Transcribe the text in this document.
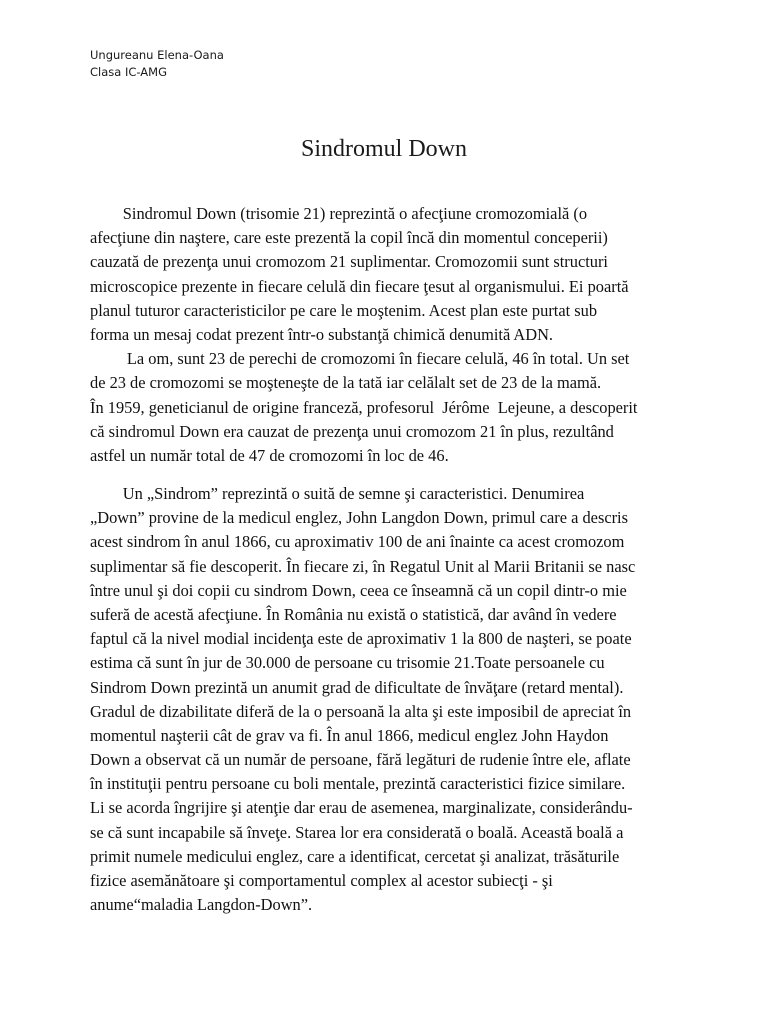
Ungureanu Elena-Oana
Clasa IC-AMG
Sindromul Down
Sindromul Down (trisomie 21) reprezintă o afecţiune cromozomială (o
afecţiune din naştere, care este prezentă la copil încă din momentul conceperii)
cauzată de prezenţa unui cromozom 21 suplimentar. Cromozomii sunt structuri
microscopice prezente in fiecare celulă din fiecare ţesut al organismului. Ei poartă
planul tuturor caracteristicilor pe care le moştenim. Acest plan este purtat sub
forma un mesaj codat prezent într-o substanţă chimică denumită ADN.
La om, sunt 23 de perechi de cromozomi în fiecare celulă, 46 în total. Un set
de 23 de cromozomi se moşteneşte de la tată iar celălalt set de 23 de la mamă.
În 1959, geneticianul de origine franceză, profesorul  Jérôme  Lejeune, a descoperit
că sindromul Down era cauzat de prezenţa unui cromozom 21 în plus, rezultând
astfel un număr total de 47 de cromozomi în loc de 46.
Un „Sindrom” reprezintă o suită de semne şi caracteristici. Denumirea
„Down” provine de la medicul englez, John Langdon Down, primul care a descris
acest sindrom în anul 1866, cu aproximativ 100 de ani înainte ca acest cromozom
suplimentar să fie descoperit. În fiecare zi, în Regatul Unit al Marii Britanii se nasc
între unul şi doi copii cu sindrom Down, ceea ce înseamnă că un copil dintr-o mie
suferă de acestă afecţiune. În România nu există o statistică, dar având în vedere
faptul că la nivel modial incidenţa este de aproximativ 1 la 800 de naşteri, se poate
estima că sunt în jur de 30.000 de persoane cu trisomie 21.Toate persoanele cu
Sindrom Down prezintă un anumit grad de dificultate de învăţare (retard mental).
Gradul de dizabilitate diferă de la o persoană la alta şi este imposibil de apreciat în
momentul naşterii cât de grav va fi. În anul 1866, medicul englez John Haydon
Down a observat că un număr de persoane, fără legături de rudenie între ele, aflate
în instituţii pentru persoane cu boli mentale, prezintă caracteristici fizice similare.
Li se acorda îngrijire şi atenţie dar erau de asemenea, marginalizate, considerându-
se că sunt incapabile să înveţe. Starea lor era considerată o boală. Această boală a
primit numele medicului englez, care a identificat, cercetat şi analizat, trăsăturile
fizice asemănătoare şi comportamentul complex al acestor subiecţi - şi
anume“maladia Langdon-Down”.
